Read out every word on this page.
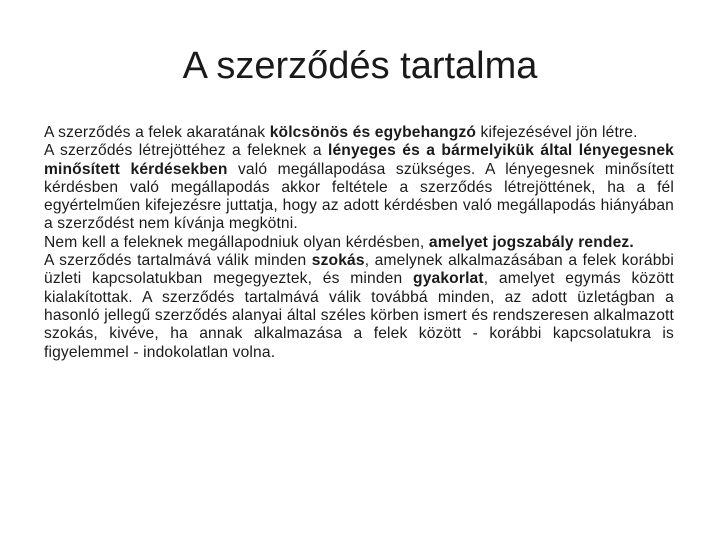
A szerződés tartalma

A szerződés a felek akaratának kölcsönös és egybehangzó kifejezésével jön létre.

A szerződés létrejöttéhez a feleknek a lényeges és a bármelyikük által lényegesnek minősített kérdésekben való megállapodása szükséges. A lényegesnek minősített kérdésben való megállapodás akkor feltétele a szerződés létrejöttének, ha a fél egyértelműen kifejezésre juttatja, hogy az adott kérdésben való megállapodás hiányában a szerződést nem kívánja megkötni.

Nem kell a feleknek megállapodniuk olyan kérdésben, amelyet jogszabály rendez.

A szerződés tartalmává válik minden szokás, amelynek alkalmazásában a felek korábbi üzleti kapcsolatukban megegyeztek, és minden gyakorlat, amelyet egymás között kialakítottak. A szerződés tartalmává válik továbbá minden, az adott üzletágban a hasonló jellegű szerződés alanyai által széles körben ismert és rendszeresen alkalmazott szokás, kivéve, ha annak alkalmazása a felek között - korábbi kapcsolatukra is figyelemmel - indokolatlan volna.
